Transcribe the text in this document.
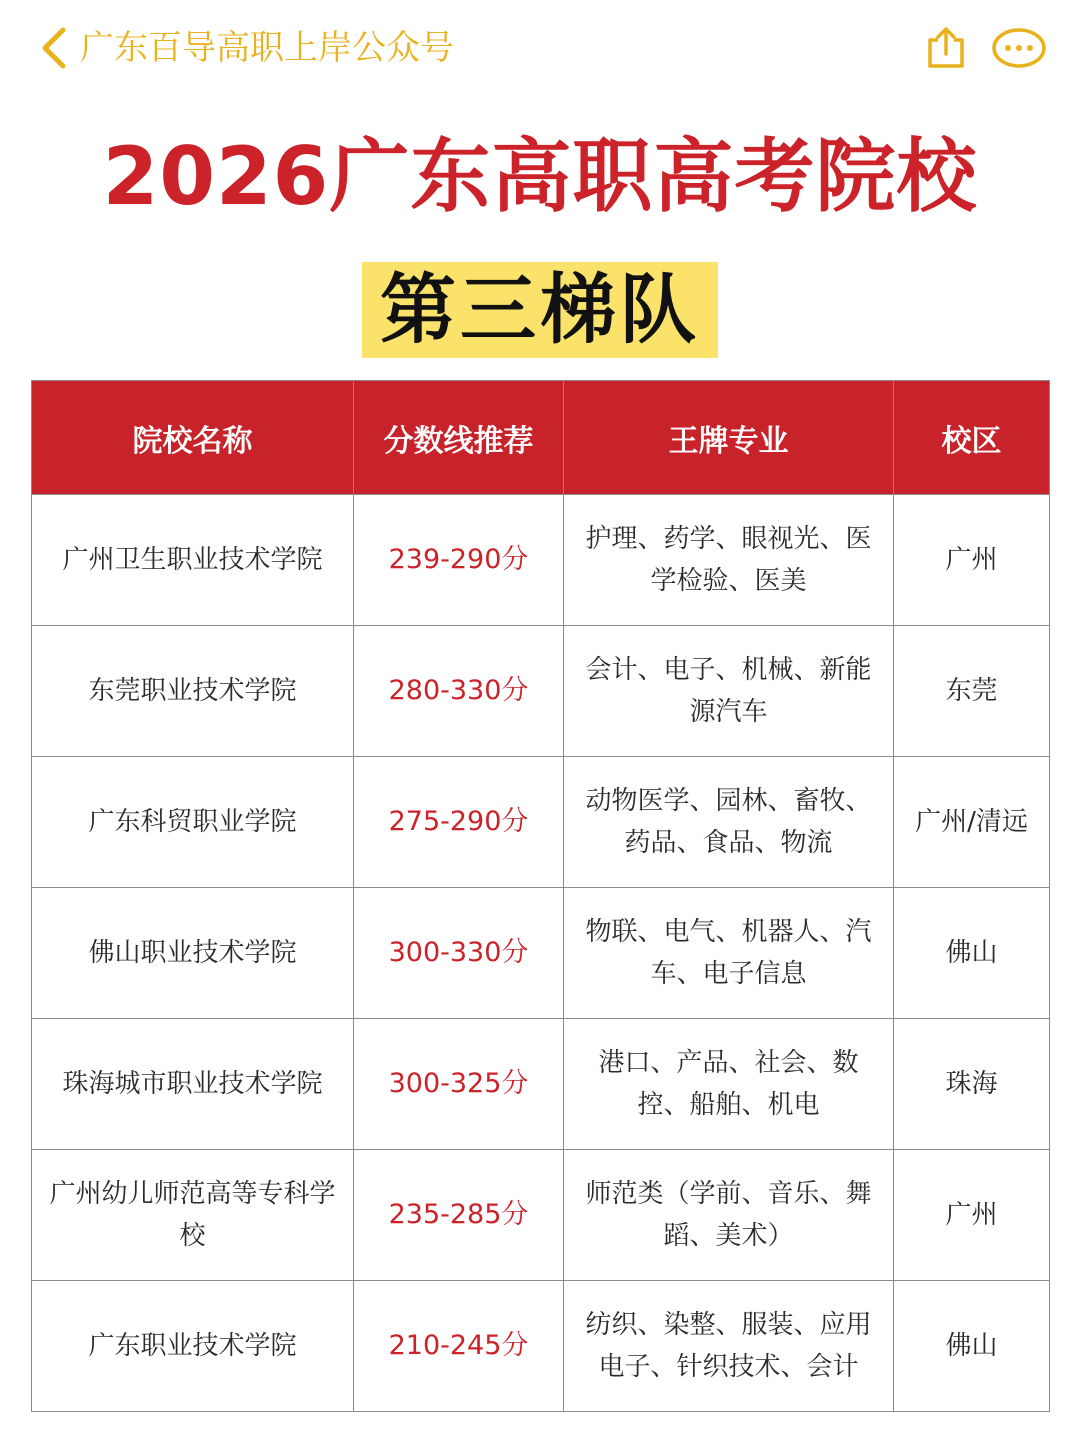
广东百导高职上岸公众号
2026广东高职高考院校
第三梯队
院校名称	分数线推荐	王牌专业	校区
广州卫生职业技术学院	239-290分	护理、药学、眼视光、医学检验、医美	广州
东莞职业技术学院	280-330分	会计、电子、机械、新能源汽车	东莞
广东科贸职业学院	275-290分	动物医学、园林、畜牧、药品、食品、物流	广州/清远
佛山职业技术学院	300-330分	物联、电气、机器人、汽车、电子信息	佛山
珠海城市职业技术学院	300-325分	港口、产品、社会、数控、船舶、机电	珠海
广州幼儿师范高等专科学校	235-285分	师范类（学前、音乐、舞蹈、美术）	广州
广东职业技术学院	210-245分	纺织、染整、服装、应用电子、针织技术、会计	佛山
